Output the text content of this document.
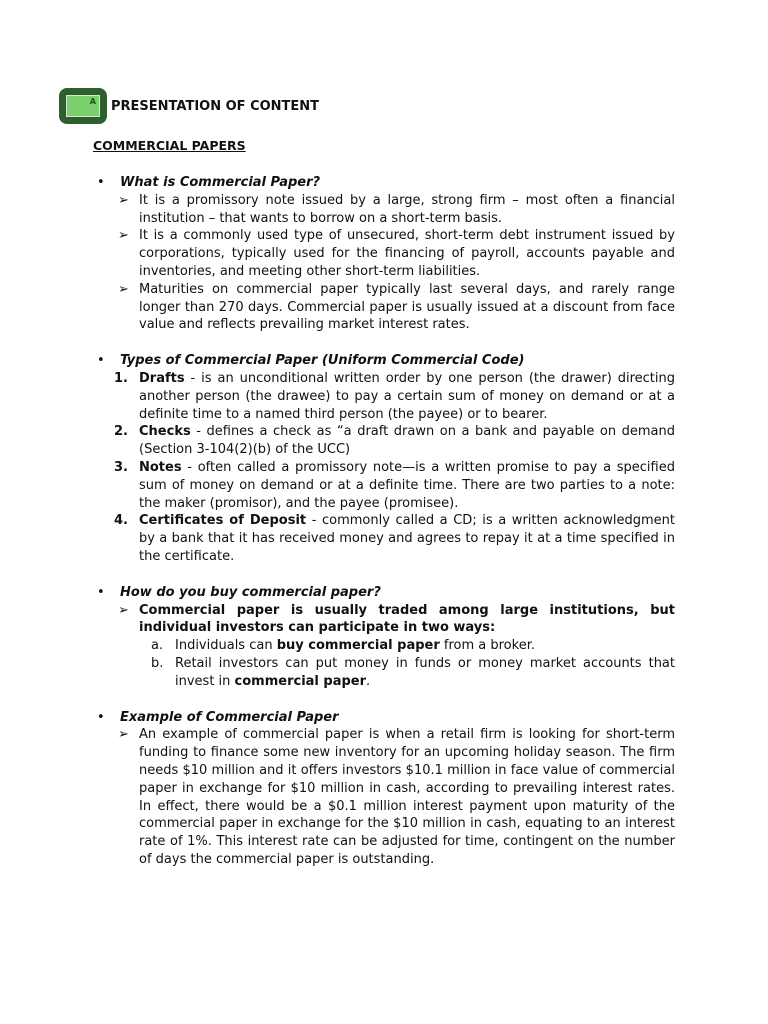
A
PRESENTATION OF CONTENT
COMMERCIAL PAPERS
•	What is Commercial Paper?
➢ It is a promissory note issued by a large, strong firm – most often a financial institution – that wants to borrow on a short-term basis.
➢ It is a commonly used type of unsecured, short-term debt instrument issued by corporations, typically used for the financing of payroll, accounts payable and inventories, and meeting other short-term liabilities.
➢ Maturities on commercial paper typically last several days, and rarely range longer than 270 days. Commercial paper is usually issued at a discount from face value and reflects prevailing market interest rates.
•	Types of Commercial Paper (Uniform Commercial Code)
1. Drafts - is an unconditional written order by one person (the drawer) directing another person (the drawee) to pay a certain sum of money on demand or at a definite time to a named third person (the payee) or to bearer.
2. Checks - defines a check as “a draft drawn on a bank and payable on demand (Section 3-104(2)(b) of the UCC)
3. Notes - often called a promissory note—is a written promise to pay a specified sum of money on demand or at a definite time. There are two parties to a note: the maker (promisor), and the payee (promisee).
4. Certificates of Deposit - commonly called a CD; is a written acknowledgment by a bank that it has received money and agrees to repay it at a time specified in the certificate.
•	How do you buy commercial paper?
➢ Commercial paper is usually traded among large institutions, but individual investors can participate in two ways:
a. Individuals can buy commercial paper from a broker.
b. Retail investors can put money in funds or money market accounts that invest in commercial paper.
•	Example of Commercial Paper
➢ An example of commercial paper is when a retail firm is looking for short-term funding to finance some new inventory for an upcoming holiday season. The firm needs $10 million and it offers investors $10.1 million in face value of commercial paper in exchange for $10 million in cash, according to prevailing interest rates. In effect, there would be a $0.1 million interest payment upon maturity of the commercial paper in exchange for the $10 million in cash, equating to an interest rate of 1%. This interest rate can be adjusted for time, contingent on the number of days the commercial paper is outstanding.
